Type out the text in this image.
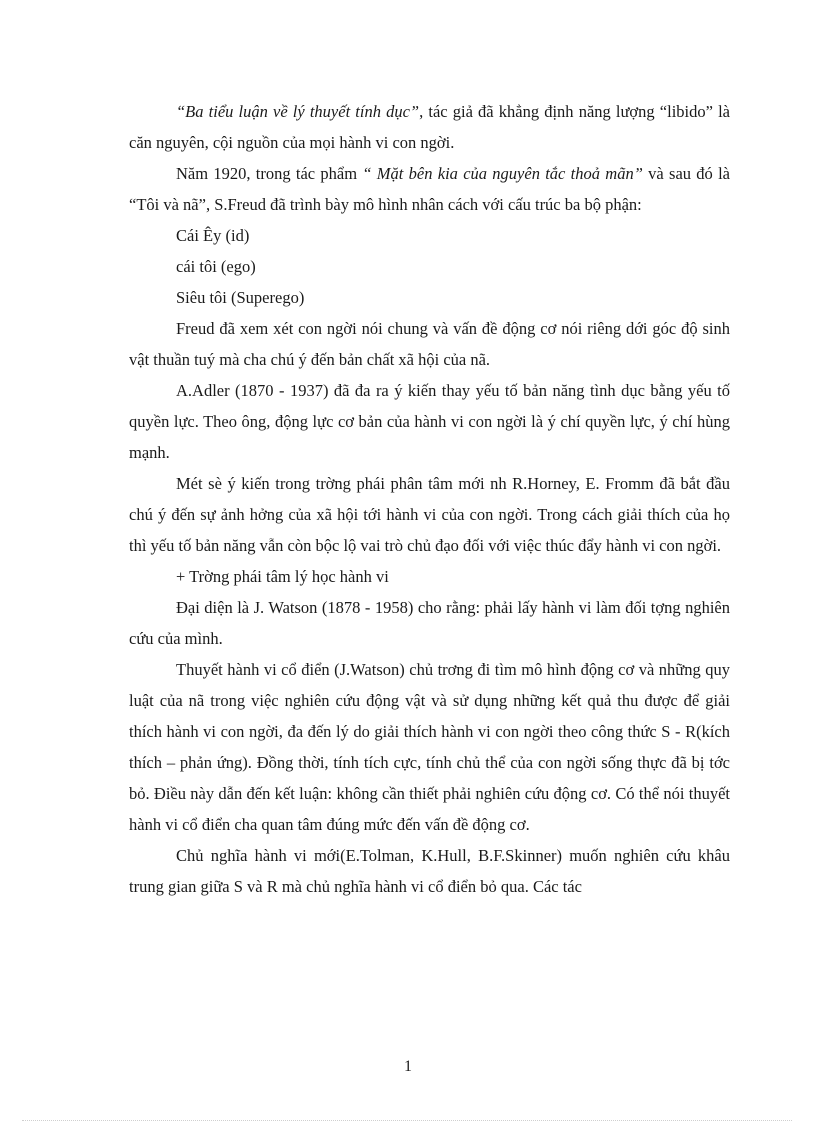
“Ba tiểu luận về lý thuyết tính dục”, tác giả đã khẳng định năng lượng “libido” là căn nguyên, cội nguồn của mọi hành vi con ngời.

Năm 1920, trong tác phẩm “ Mặt bên kia của nguyên tắc thoả mãn” và sau đó là “Tôi và nã”, S.Freud đã trình bày mô hình nhân cách với cấu trúc ba bộ phận:

Cái Êy (id)

cái tôi (ego)

Siêu tôi (Superego)

Freud đã xem xét con ngời nói chung và vấn đề động cơ nói riêng dới góc độ sinh vật thuần tuý mà cha chú ý đến bản chất xã hội của nã.

A.Adler (1870 - 1937) đã đa ra ý kiến thay yếu tố bản năng tình dục bằng yếu tố quyền lực. Theo ông, động lực cơ bản của hành vi con ngời là ý chí quyền lực, ý chí hùng mạnh.

Mét sè ý kiến trong trờng phái phân tâm mới nh R.Horney, E. Fromm đã bắt đầu chú ý đến sự ảnh hởng của xã hội tới hành vi của con ngời. Trong cách giải thích của họ thì yếu tố bản năng vẫn còn bộc lộ vai trò chủ đạo đối với việc thúc đẩy hành vi con ngời.

+ Trờng phái tâm lý học hành vi

Đại diện là J. Watson (1878 - 1958) cho rằng: phải lấy hành vi làm đối tợng nghiên cứu của mình.

Thuyết hành vi cổ điển (J.Watson) chủ trơng đi tìm mô hình động cơ và những quy luật của nã trong việc nghiên cứu động vật và sử dụng những kết quả thu được để giải thích hành vi con ngời, đa đến lý do giải thích hành vi con ngời theo công thức S - R(kích thích – phản ứng). Đồng thời, tính tích cực, tính chủ thể của con ngời sống thực đã bị tớc bỏ. Điều này dẫn đến kết luận: không cần thiết phải nghiên cứu động cơ. Có thể nói thuyết hành vi cổ điển cha quan tâm đúng mức đến vấn đề động cơ.

Chủ nghĩa hành vi mới(E.Tolman, K.Hull, B.F.Skinner) muốn nghiên cứu khâu trung gian giữa S và R mà chủ nghĩa hành vi cổ điển bỏ qua. Các tác

1
